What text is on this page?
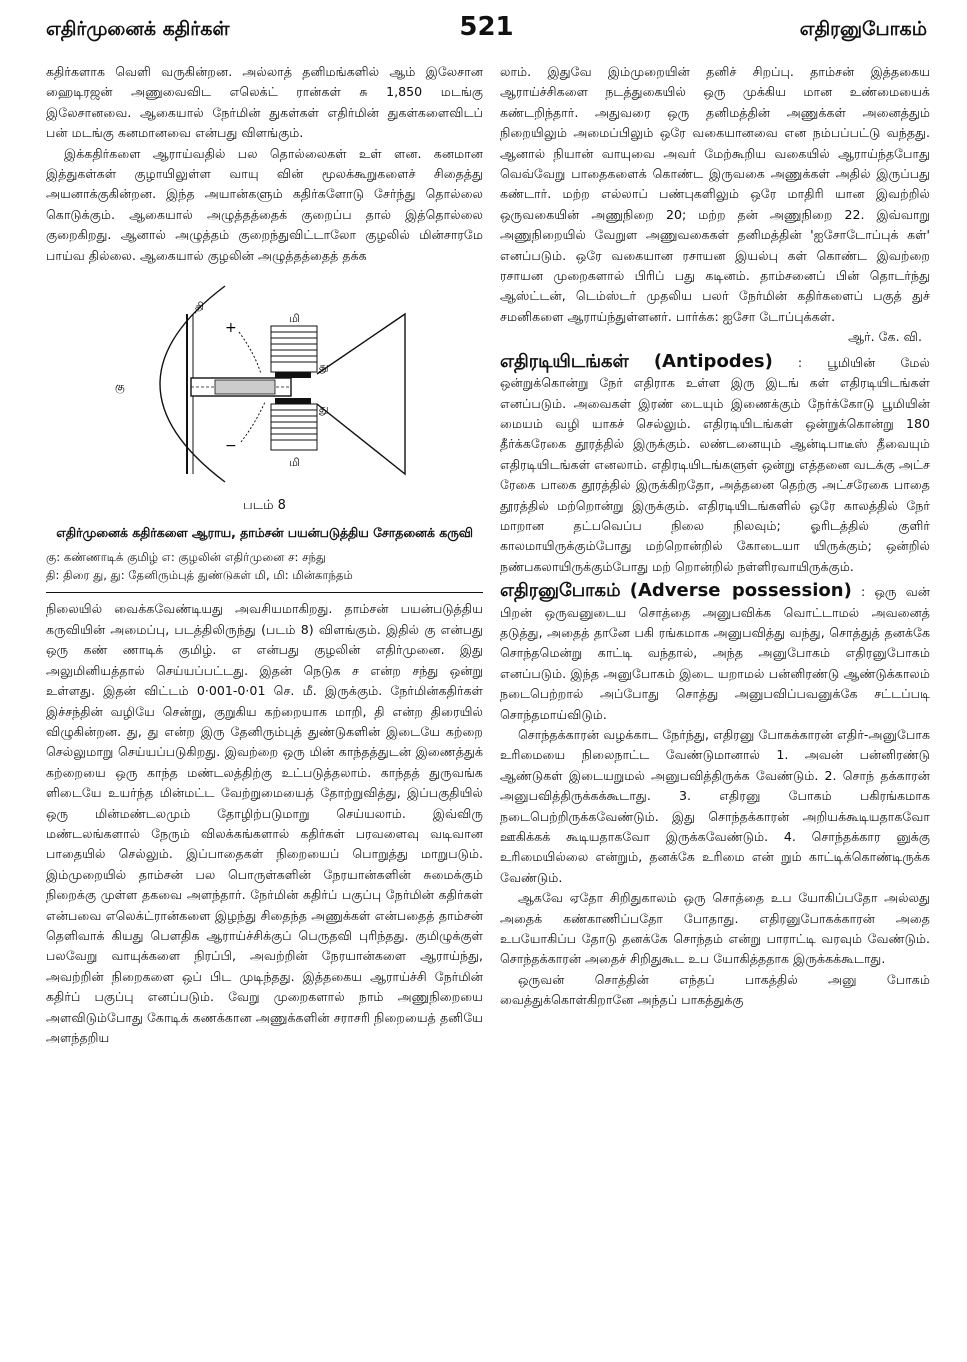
எதிர்முனைக் கதிர்கள்	521	எதிரனுபோகம்

கதிர்களாக வெளி வருகின்றன. அல்லாத் தனிமங்களில் ஆம் இலேசான ஹைடிரஜன் அணுவைவிட எலெக்ட் ரான்கள் சு 1,850 மடங்கு இலேசானவை. ஆகையால் நேர்மின் துகள்கள் எதிர்மின் துகள்களைவிடப் பன் மடங்கு கனமானவை என்பது விளங்கும்.

இக்கதிர்களை ஆராய்வதில் பல தொல்லைகள் உள் ளன. கனமான இத்துகள்கள் குழாயிலுள்ள வாயு வின் மூலக்கூறுகளைச் சிதைத்து அயனாக்குகின்றன. இந்த அயான்களும் கதிர்களோடு சேர்ந்து தொல்லை கொடுக்கும். ஆகையால் அழுத்தத்தைக் குறைப்ப தால் இத்தொல்லை குறைகிறது. ஆனால் அழுத்தம் குறைந்துவிட்டாலோ குழலில் மின்சாரமே பாய்வ தில்லை. ஆகையால் குழலின் அழுத்தத்தைத் தக்க

கு
தி
து
து
மி
மி
+
−
படம் 8
எதிர்முனைக் கதிர்களை ஆராய, தாம்சன் பயன்படுத்திய சோதனைக் கருவி
கு: கண்ணாடிக் குமிழ் எ: குழலின் எதிர்முனை ச: சந்து
தி: திரை து, து: தேனிரும்புத் துண்டுகள் மி, மி: மின்காந்தம்

நிலையில் வைக்கவேண்டியது அவசியமாகிறது. தாம்சன் பயன்படுத்திய கருவியின் அமைப்பு, படத்திலிருந்து (படம் 8) விளங்கும். இதில் கு என்பது ஒரு கண் ணாடிக் குமிழ். எ என்பது குழலின் எதிர்முனை. இது அலுமினியத்தால் செய்யப்பட்டது. இதன் நெடுக ச என்ற சந்து ஒன்று உள்ளது. இதன் விட்டம் 0·001-0·01 செ. மீ. இருக்கும். நேர்மின்கதிர்கள் இச்சந்தின் வழியே சென்று, குறுகிய கற்றையாக மாறி, தி என்ற திரையில் விழுகின்றன. து, து என்ற இரு தேனிரும்புத் துண்டுகளின் இடையே கற்றை செல்லுமாறு செய்யப்படுகிறது. இவற்றை ஒரு மின் காந்தத்துடன் இணைத்துக் கற்றையை ஒரு காந்த மண்டலத்திற்கு உட்படுத்தலாம். காந்தத் துருவங்க ளிடையே உயர்ந்த மின்மட்ட வேற்றுமையைத் தோற்றுவித்து, இப்பகுதியில் ஒரு மின்மண்டலமும் தோழிற்படுமாறு செய்யலாம். இவ்விரு மண்டலங்களால் நேரும் விலக்கங்களால் கதிர்கள் பரவளைவு வடிவான பாதையில் செல்லும். இப்பாதைகள் நிறையைப் பொறுத்து மாறுபடும். இம்முறையில் தாம்சன் பல பொருள்களின் நேரயான்களின் சுமைக்கும் நிறைக்கு முள்ள தகவை அளந்தார். நேர்மின் கதிர்ப் பகுப்பு நேர்மின் கதிர்கள் என்பவை எலெக்ட்ரான்களை இழந்து சிதைந்த அணுக்கள் என்பதைத் தாம்சன் தெளிவாக் கியது பௌதிக ஆராய்ச்சிக்குப் பெருதவி புரிந்தது. குமிழுக்குள் பலவேறு வாயுக்களை நிரப்பி, அவற்றின் நேரயான்களை ஆராய்ந்து, அவற்றின் நிறைகளை ஒப் பிட முடிந்தது. இத்தகைய ஆராய்ச்சி நேர்மின் கதிர்ப் பகுப்பு எனப்படும். வேறு முறைகளால் நாம் அணுநிறையை அளவிடும்போது கோடிக் கணக்கான அணுக்களின் சராசரி நிறையைத் தனியே அளந்தறிய

லாம். இதுவே இம்முறையின் தனிச் சிறப்பு. தாம்சன் இத்தகைய ஆராய்ச்சிகளை நடத்துகையில் ஒரு முக்கிய மான உண்மையைக் கண்டறிந்தார். அதுவரை ஒரு தனிமத்தின் அணுக்கள் அனைத்தும் நிறையிலும் அமைப்பிலும் ஒரே வகையானவை என நம்பப்பட்டு வந்தது. ஆனால் நியான் வாயுவை அவர் மேற்கூறிய வகையில் ஆராய்ந்தபோது வெவ்வேறு பாதைகளைக் கொண்ட இருவகை அணுக்கள் அதில் இருப்பது கண்டார். மற்ற எல்லாப் பண்புகளிலும் ஒரே மாதிரி யான இவற்றில் ஒருவகையின் அணுநிறை 20; மற்ற தன் அணுநிறை 22. இவ்வாறு அணுநிறையில் வேறுள அணுவகைகள் தனிமத்தின் 'ஐசோடோப்புக் கள்' எனப்படும். ஒரே வகையான ரசாயன இயல்பு கள் கொண்ட இவற்றை ரசாயன முறைகளால் பிரிப் பது கடினம். தாம்சனைப் பின் தொடர்ந்து ஆஸ்ட்டன், டெம்ஸ்டர் முதலிய பலர் நேர்மின் கதிர்களைப் பகுத் துச் சமனிகளை ஆராய்ந்துள்ளனர். பார்க்க: ஐசோ டோப்புக்கள்.

ஆர். கே. வி.

எதிரடியிடங்கள் (Antipodes) : பூமியின் மேல் ஒன்றுக்கொன்று நேர் எதிராக உள்ள இரு இடங் கள் எதிரடியிடங்கள் எனப்படும். அவைகள் இரண் டையும் இணைக்கும் நேர்க்கோடு பூமியின் மையம் வழி யாகச் செல்லும். எதிரடியிடங்கள் ஒன்றுக்கொன்று 180 தீர்க்கரேகை தூரத்தில் இருக்கும். லண்டனையும் ஆன்டிபாடீஸ் தீவையும் எதிரடியிடங்கள் எனலாம். எதிரடியிடங்களுள் ஒன்று எத்தனை வடக்கு அட்ச ரேகை பாகை தூரத்தில் இருக்கிறதோ, அத்தனை தெற்கு அட்சரேகை பாதை தூரத்தில் மற்றொன்று இருக்கும். எதிரடியிடங்களில் ஒரே காலத்தில் நேர் மாறான தட்பவெப்ப நிலை நிலவும்; ஓரிடத்தில் குளிர் காலமாயிருக்கும்போது மற்றொன்றில் கோடையா யிருக்கும்; ஒன்றில் நண்பகலாயிருக்கும்போது மற் றொன்றில் நள்ளிரவாயிருக்கும்.

எதிரனுபோகம் (Adverse possession) : ஒரு வன் பிறன் ஒருவனுடைய சொத்தை அனுபவிக்க வொட்டாமல் அவனைத் தடுத்து, அதைத் தானே பகி ரங்கமாக அனுபவித்து வந்து, சொத்துத் தனக்கே சொந்தமென்று காட்டி வந்தால், அந்த அனுபோகம் எதிரனுபோகம் எனப்படும். இந்த அனுபோகம் இடை யறாமல் பன்னிரண்டு ஆண்டுக்காலம் நடைபெற்றால் அப்போது சொத்து அனுபவிப்பவனுக்கே சட்டப்படி சொந்தமாய்விடும்.

சொந்தக்காரன் வழக்காட நேர்ந்து, எதிரனு போகக்காரன் எதிர்-அனுபோக உரிமையை நிலைநாட்ட வேண்டுமானால் 1. அவன் பன்னிரண்டு ஆண்டுகள் இடையறுமல் அனுபவித்திருக்க வேண்டும். 2. சொந் தக்காரன் அனுபவித்திருக்கக்கூடாது. 3. எதிரனு போகம் பகிரங்கமாக நடைபெற்றிருக்கவேண்டும். இது சொந்தக்காரன் அறியக்கூடியதாகவோ ஊகிக்கக் கூடியதாகவோ இருக்கவேண்டும். 4. சொந்தக்கார னுக்கு உரிமையில்லை என்றும், தனக்கே உரிமை என் றும் காட்டிக்கொண்டிருக்க வேண்டும்.

ஆகவே ஏதோ சிறிதுகாலம் ஒரு சொத்தை உப யோகிப்பதோ அல்லது அதைக் கண்காணிப்பதோ போதாது. எதிரனுபோகக்காரன் அதை உபயோகிப்ப தோடு தனக்கே சொந்தம் என்று பாராட்டி வரவும் வேண்டும். சொந்தக்காரன் அதைச் சிறிதுகூட உப யோகித்ததாக இருக்கக்கூடாது.

ஒருவன் சொத்தின் எந்தப் பாகத்தில் அனு போகம் வைத்துக்கொள்கிறானே அந்தப் பாகத்துக்கு
